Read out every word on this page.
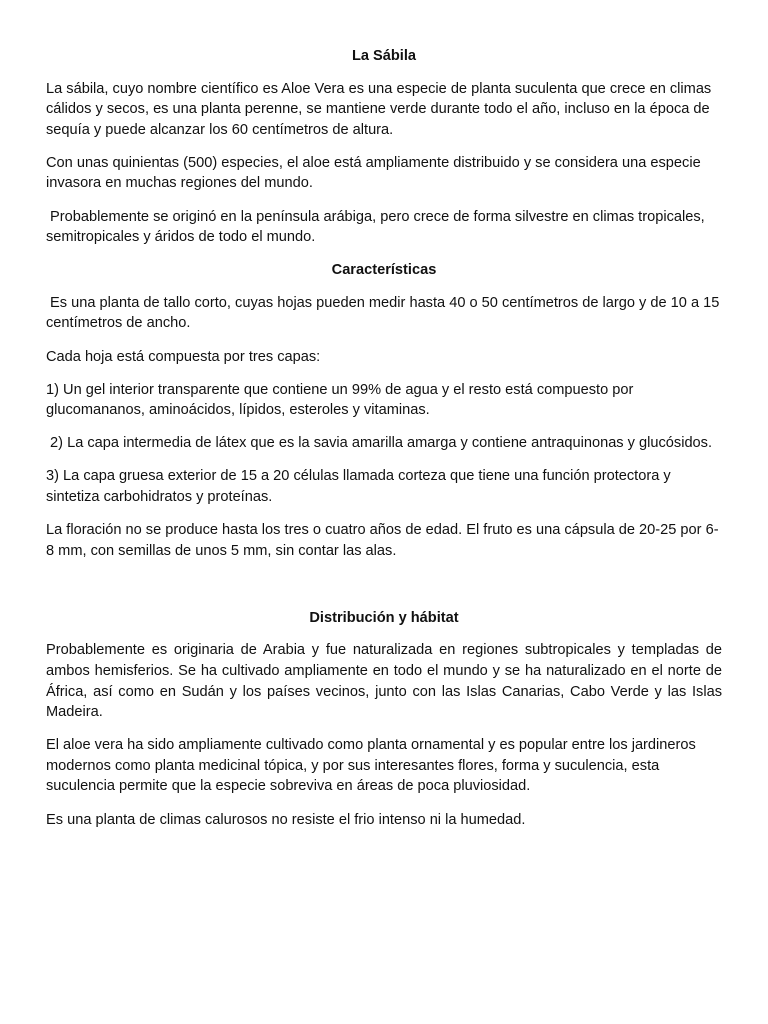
La Sábila

La sábila, cuyo nombre científico es Aloe Vera es una especie de planta suculenta que crece en climas cálidos y secos, es una planta perenne, se mantiene verde durante todo el año, incluso en la época de sequía y puede alcanzar los 60 centímetros de altura.

Con unas quinientas (500) especies, el aloe está ampliamente distribuido y se considera una especie invasora en muchas regiones del mundo.

Probablemente se originó en la península arábiga, pero crece de forma silvestre en climas tropicales, semitropicales y áridos de todo el mundo.

Características

Es una planta de tallo corto, cuyas hojas pueden medir hasta 40 o 50 centímetros de largo y de 10 a 15 centímetros de ancho.

Cada hoja está compuesta por tres capas:

1) Un gel interior transparente que contiene un 99% de agua y el resto está compuesto por glucomananos, aminoácidos, lípidos, esteroles y vitaminas.

2) La capa intermedia de látex que es la savia amarilla amarga y contiene antraquinonas y glucósidos.

3) La capa gruesa exterior de 15 a 20 células llamada corteza que tiene una función protectora y sintetiza carbohidratos y proteínas.

La floración no se produce hasta los tres o cuatro años de edad. El fruto es una cápsula de 20-25 por 6-8 mm, con semillas de unos 5 mm, sin contar las alas.

Distribución y hábitat

Probablemente es originaria de Arabia y fue naturalizada en regiones subtropicales y templadas de ambos hemisferios. Se ha cultivado ampliamente en todo el mundo y se ha naturalizado en el norte de África, así como en Sudán y los países vecinos, junto con las Islas Canarias, Cabo Verde y las Islas Madeira.

El aloe vera ha sido ampliamente cultivado como planta ornamental y es popular entre los jardineros modernos como planta medicinal tópica, y por sus interesantes flores, forma y suculencia, esta suculencia permite que la especie sobreviva en áreas de poca pluviosidad.

Es una planta de climas calurosos no resiste el frio intenso ni la humedad.
